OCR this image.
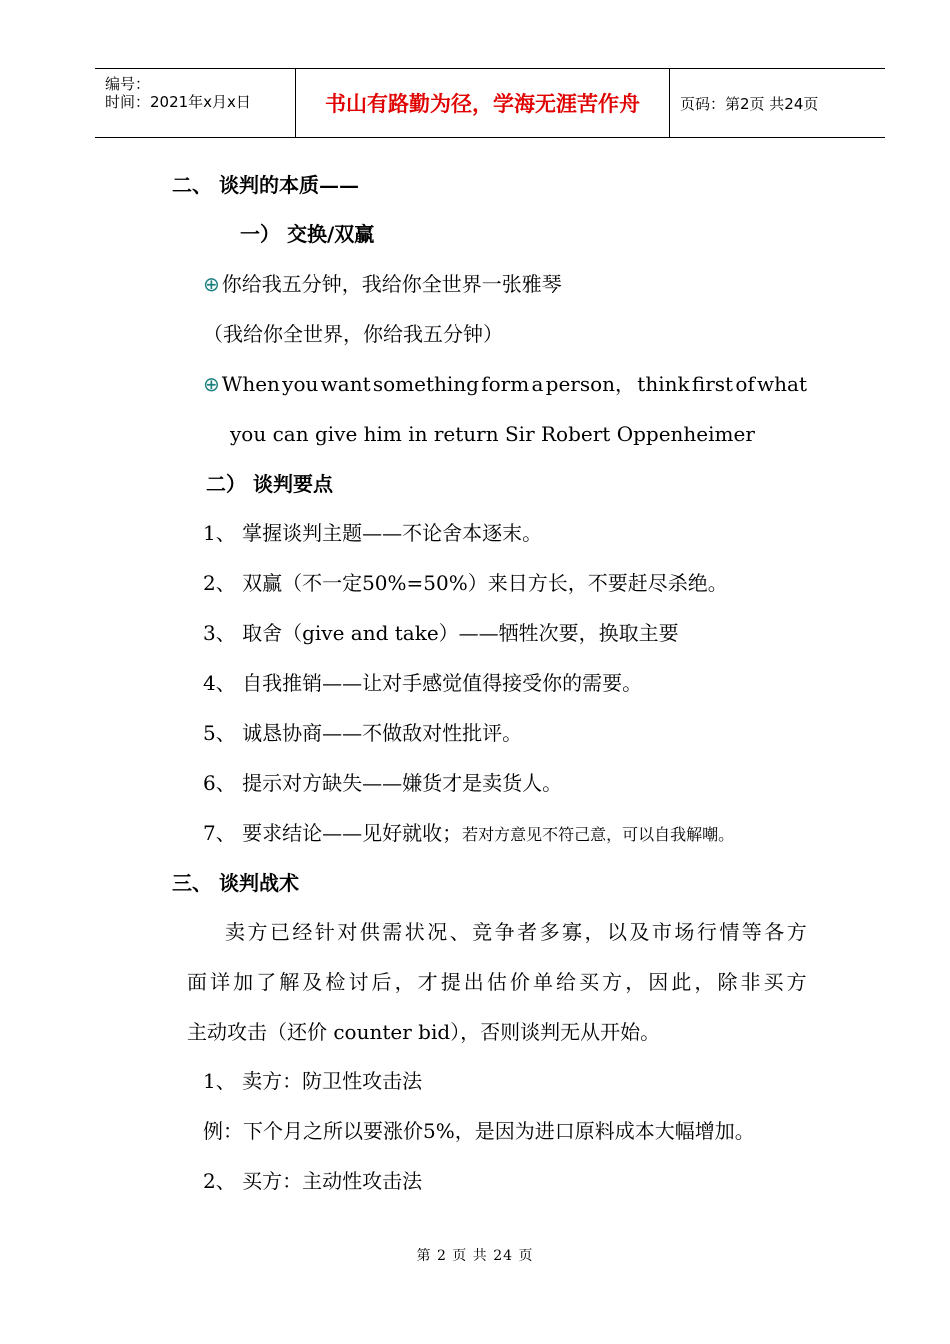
编号：
时间：2021年x月x日	书山有路勤为径，学海无涯苦作舟	页码：第2页 共24页
二、 谈判的本质——
一） 交换/双赢
⊕ 你给我五分钟，我给你全世界一张雅琴
（我给你全世界，你给我五分钟）
⊕ When you want something form a person， think first of what
you can give him in return Sir Robert Oppenheimer
二） 谈判要点
1、 掌握谈判主题——不论舍本逐末。
2、 双赢（不一定50%=50%）来日方长，不要赶尽杀绝。
3、 取舍（give and take）——牺牲次要，换取主要
4、 自我推销——让对手感觉值得接受你的需要。
5、 诚恳协商——不做敌对性批评。
6、 提示对方缺失——嫌货才是卖货人。
7、 要求结论——见好就收；若对方意见不符己意，可以自我解嘲。
三、 谈判战术
卖 方 已 经 针 对 供 需 状 况 、 竞 争 者 多 寡 ， 以 及 市 场 行 情 等 各 方
面 详 加 了 解 及 检 讨 后 ， 才 提 出 估 价 单 给 买 方 ， 因 此 ， 除 非 买 方
主动攻击（还价 counter bid），否则谈判无从开始。
1、 卖方：防卫性攻击法
例：下个月之所以要涨价5%，是因为进口原料成本大幅增加。
2、 买方：主动性攻击法
第 2 页 共 24 页
